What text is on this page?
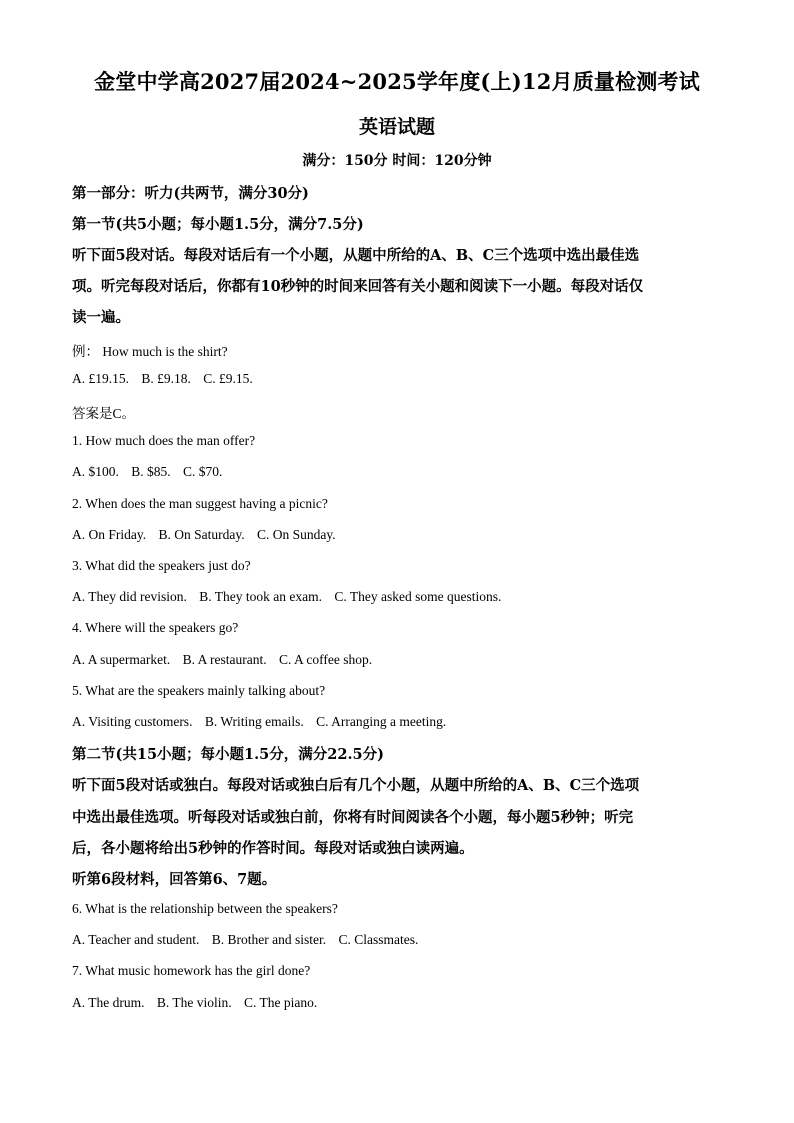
金堂中学高2027届2024~2025学年度(上)12月质量检测考试
英语试题
满分：150分 时间：120分钟
第一部分：听力(共两节，满分30分)
第一节(共5小题；每小题1.5分，满分7.5分)
听下面5段对话。每段对话后有一个小题，从题中所给的A、B、C三个选项中选出最佳选
项。听完每段对话后，你都有10秒钟的时间来回答有关小题和阅读下一小题。每段对话仅
读一遍。
例： How much is the shirt?
A. £19.15. B. £9.18. C. £9.15.
答案是C。
1. How much does the man offer?
A. $100. B. $85. C. $70.
2. When does the man suggest having a picnic?
A. On Friday. B. On Saturday. C. On Sunday.
3. What did the speakers just do?
A. They did revision. B. They took an exam. C. They asked some questions.
4. Where will the speakers go?
A. A supermarket. B. A restaurant. C. A coffee shop.
5. What are the speakers mainly talking about?
A. Visiting customers. B. Writing emails. C. Arranging a meeting.
第二节(共15小题；每小题1.5分，满分22.5分)
听下面5段对话或独白。每段对话或独白后有几个小题，从题中所给的A、B、C三个选项
中选出最佳选项。听每段对话或独白前，你将有时间阅读各个小题，每小题5秒钟；听完
后，各小题将给出5秒钟的作答时间。每段对话或独白读两遍。
听第6段材料，回答第6、7题。
6. What is the relationship between the speakers?
A. Teacher and student. B. Brother and sister. C. Classmates.
7. What music homework has the girl done?
A. The drum. B. The violin. C. The piano.
